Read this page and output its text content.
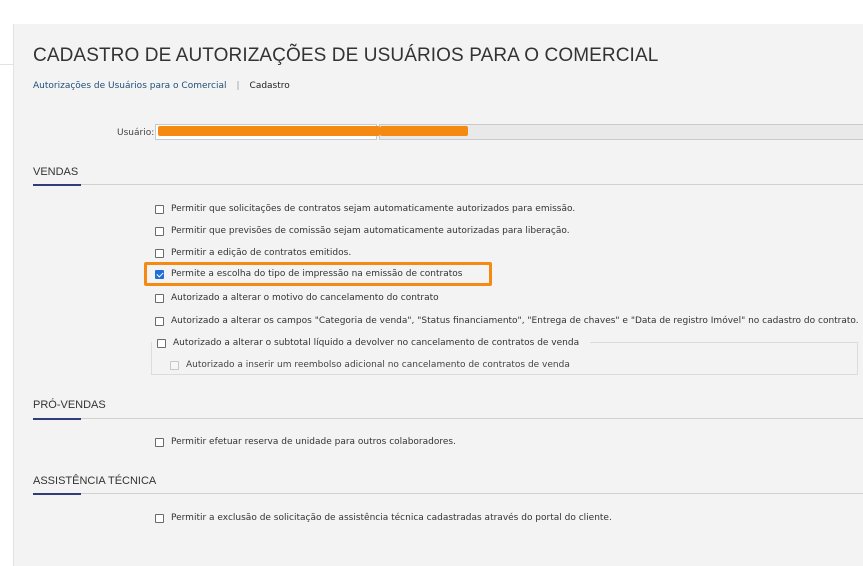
CADASTRO DE AUTORIZAÇÕES DE USUÁRIOS PARA O COMERCIAL
Autorizações de Usuários para o Comercial | Cadastro
Usuário:
VENDAS
Permitir que solicitações de contratos sejam automaticamente autorizados para emissão.
Permitir que previsões de comissão sejam automaticamente autorizadas para liberação.
Permitir a edição de contratos emitidos.
Permite a escolha do tipo de impressão na emissão de contratos
Autorizado a alterar o motivo do cancelamento do contrato
Autorizado a alterar os campos "Categoria de venda", "Status financiamento", "Entrega de chaves" e "Data de registro Imóvel" no cadastro do contrato.
Autorizado a alterar o subtotal líquido a devolver no cancelamento de contratos de venda
Autorizado a inserir um reembolso adicional no cancelamento de contratos de venda
PRÓ-VENDAS
Permitir efetuar reserva de unidade para outros colaboradores.
ASSISTÊNCIA TÉCNICA
Permitir a exclusão de solicitação de assistência técnica cadastradas através do portal do cliente.
